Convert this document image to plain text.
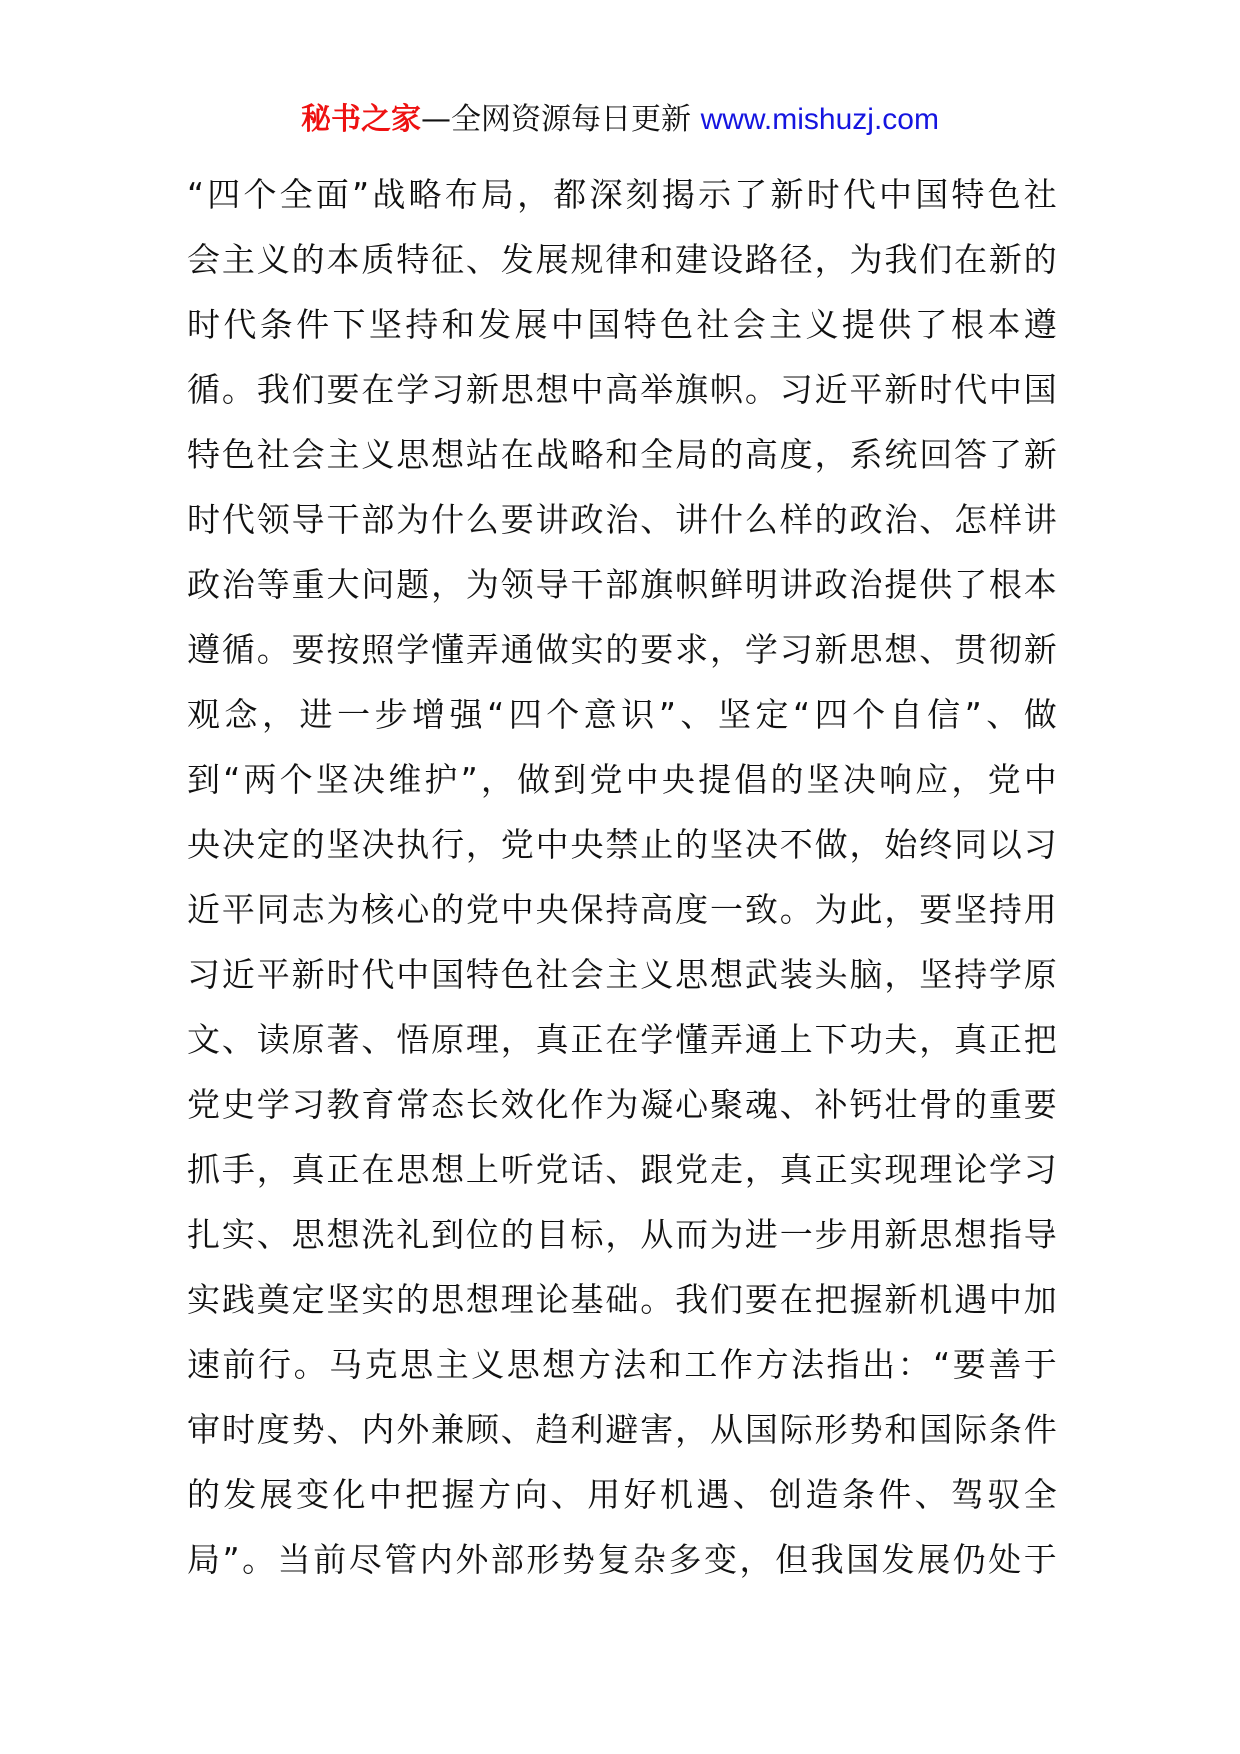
秘书之家—全网资源每日更新 www.mishuzj.com
“四个全面”战略布局，都深刻揭示了新时代中国特色社
会主义的本质特征、发展规律和建设路径，为我们在新的
时代条件下坚持和发展中国特色社会主义提供了根本遵
循。我们要在学习新思想中高举旗帜。习近平新时代中国
特色社会主义思想站在战略和全局的高度，系统回答了新
时代领导干部为什么要讲政治、讲什么样的政治、怎样讲
政治等重大问题，为领导干部旗帜鲜明讲政治提供了根本
遵循。要按照学懂弄通做实的要求，学习新思想、贯彻新
观念，进一步增强“四个意识”、坚定“四个自信”、做
到“两个坚决维护”，做到党中央提倡的坚决响应，党中
央决定的坚决执行，党中央禁止的坚决不做，始终同以习
近平同志为核心的党中央保持高度一致。为此，要坚持用
习近平新时代中国特色社会主义思想武装头脑，坚持学原
文、读原著、悟原理，真正在学懂弄通上下功夫，真正把
党史学习教育常态长效化作为凝心聚魂、补钙壮骨的重要
抓手，真正在思想上听党话、跟党走，真正实现理论学习
扎实、思想洗礼到位的目标，从而为进一步用新思想指导
实践奠定坚实的思想理论基础。我们要在把握新机遇中加
速前行。马克思主义思想方法和工作方法指出：“要善于
审时度势、内外兼顾、趋利避害，从国际形势和国际条件
的发展变化中把握方向、用好机遇、创造条件、驾驭全
局”。当前尽管内外部形势复杂多变，但我国发展仍处于
